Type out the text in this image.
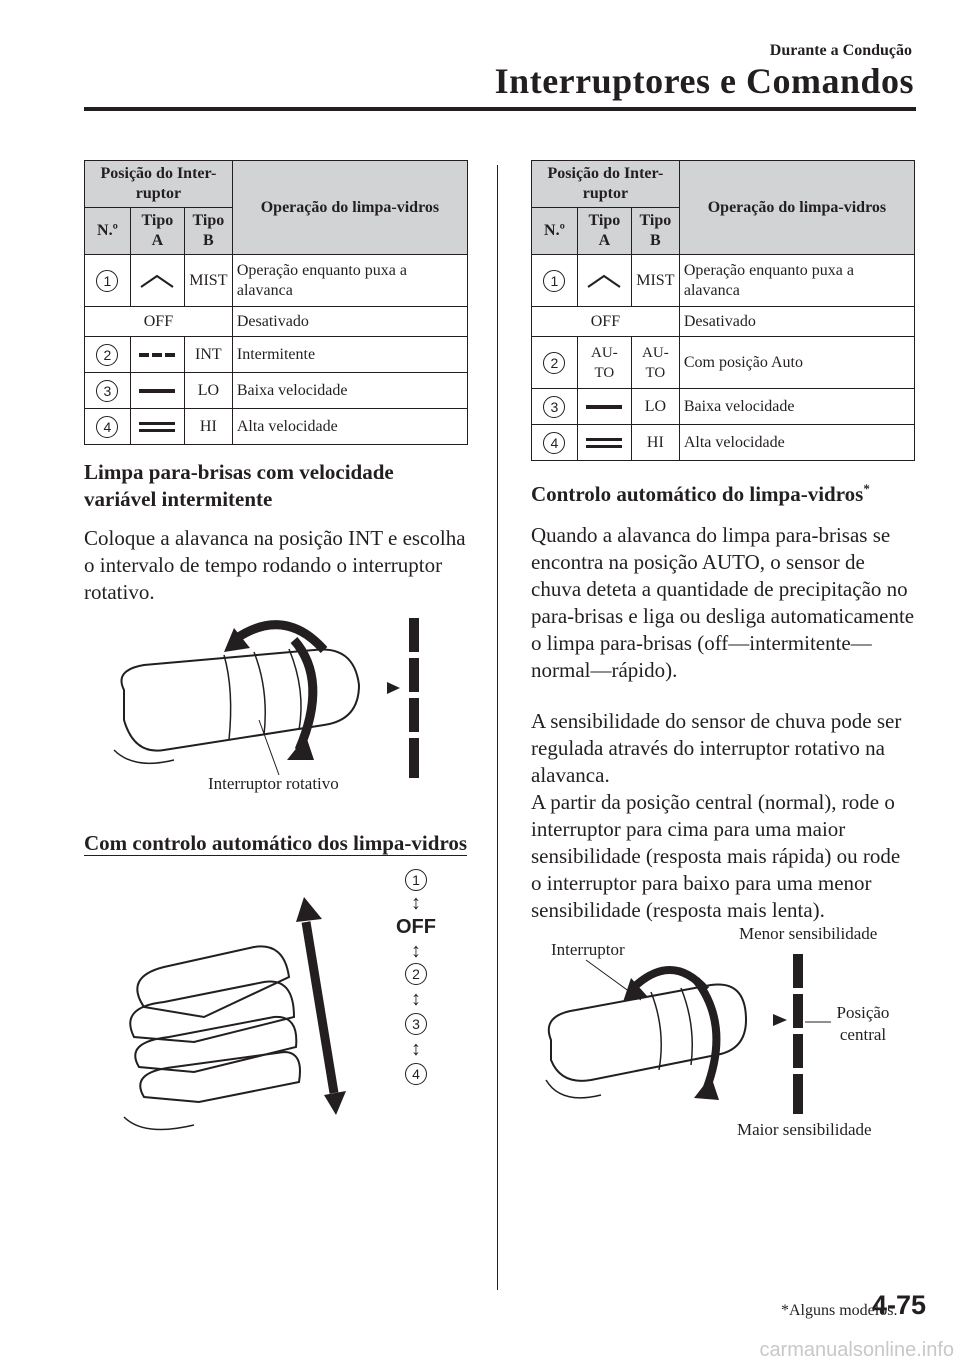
Durante a Condução
Interruptores e Comandos
Posição do Inter-ruptor			Operação do limpa-vidros
N.º	Tipo A	Tipo B	
1		MIST	Operação enquanto puxa a alavanca
OFF			Desativado
2		INT	Intermitente
3		LO	Baixa velocidade
4		HI	Alta velocidade
Limpa para-brisas com velocidade variável intermitente

Coloque a alavanca na posição INT e escolha o intervalo de tempo rodando o interruptor rotativo.

Interruptor rotativo
Com controlo automático dos limpa-vidros
1
↕
OFF
↕
2
↕
3
↕
4
Posição do Inter-ruptor			Operação do limpa-vidros
N.º	Tipo A	Tipo B	
1		MIST	Operação enquanto puxa a alavanca
OFF			Desativado
2	AU-TO	AU-TO	Com posição Auto
3		LO	Baixa velocidade
4		HI	Alta velocidade
Controlo automático do limpa-vidros*

Quando a alavanca do limpa para-brisas se encontra na posição AUTO, o sensor de chuva deteta a quantidade de precipitação no para-brisas e liga ou desliga automaticamente o limpa para-brisas (off—intermitente—normal—rápido).

A sensibilidade do sensor de chuva pode ser regulada através do interruptor rotativo na alavanca.

A partir da posição central (normal), rode o interruptor para cima para uma maior sensibilidade (resposta mais rápida) ou rode o interruptor para baixo para uma menor sensibilidade (resposta mais lenta).

Interruptor
Menor sensibilidade
Posição central
Maior sensibilidade
*Alguns modelos.
4-75
carmanualsonline.info
